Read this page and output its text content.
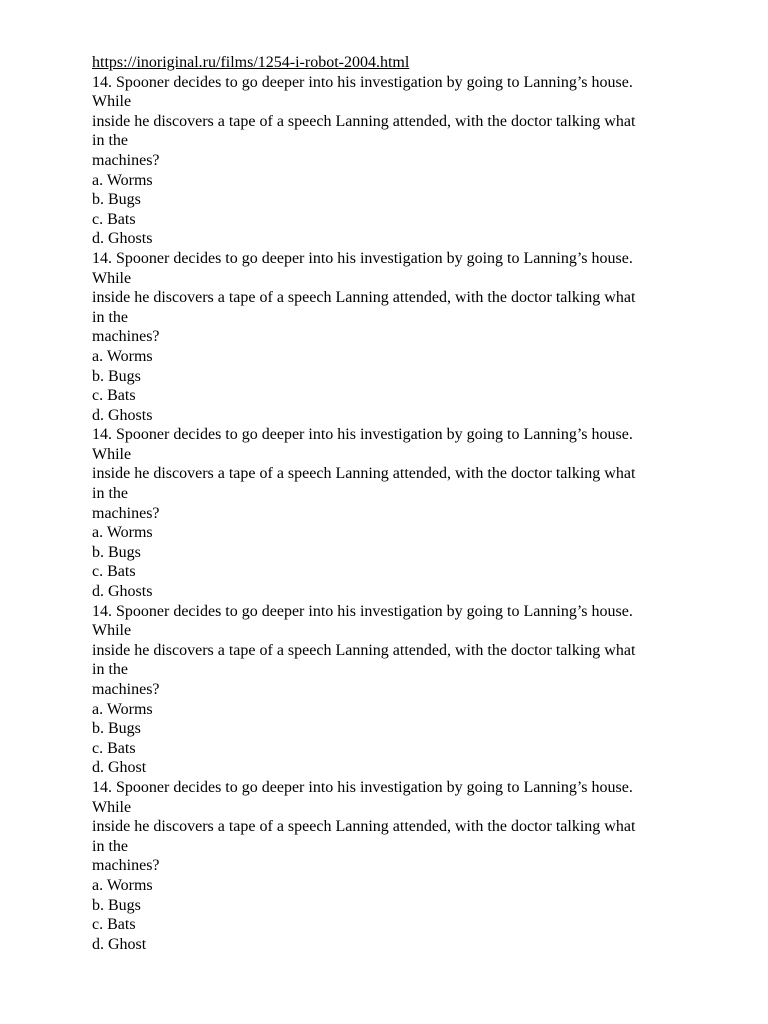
https://inoriginal.ru/films/1254-i-robot-2004.html
14. Spooner decides to go deeper into his investigation by going to Lanning’s house.
While
inside he discovers a tape of a speech Lanning attended, with the doctor talking what
in the
machines?
a. Worms
b. Bugs
c. Bats
d. Ghosts
14. Spooner decides to go deeper into his investigation by going to Lanning’s house.
While
inside he discovers a tape of a speech Lanning attended, with the doctor talking what
in the
machines?
a. Worms
b. Bugs
c. Bats
d. Ghosts
14. Spooner decides to go deeper into his investigation by going to Lanning’s house.
While
inside he discovers a tape of a speech Lanning attended, with the doctor talking what
in the
machines?
a. Worms
b. Bugs
c. Bats
d. Ghosts
14. Spooner decides to go deeper into his investigation by going to Lanning’s house.
While
inside he discovers a tape of a speech Lanning attended, with the doctor talking what
in the
machines?
a. Worms
b. Bugs
c. Bats
d. Ghost
14. Spooner decides to go deeper into his investigation by going to Lanning’s house.
While
inside he discovers a tape of a speech Lanning attended, with the doctor talking what
in the
machines?
a. Worms
b. Bugs
c. Bats
d. Ghost
